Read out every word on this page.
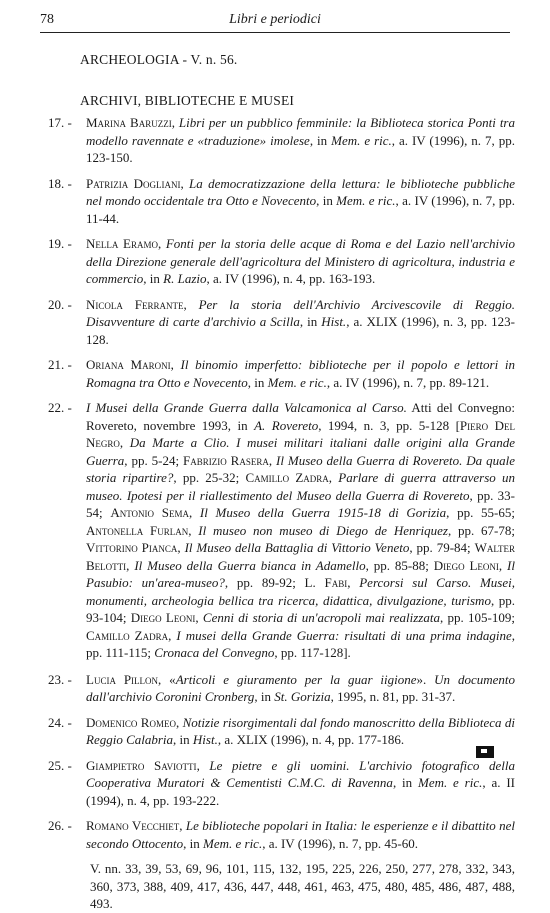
78	Libri e periodici
ARCHEOLOGIA - V. n. 56.
ARCHIVI, BIBLIOTECHE E MUSEI
17. - Marina Baruzzi, Libri per un pubblico femminile: la Biblioteca storica Ponti tra modello ravennate e «traduzione» imolese, in Mem. e ric., a. IV (1996), n. 7, pp. 123-150.
18. - Patrizia Dogliani, La democratizzazione della lettura: le biblioteche pubbliche nel mondo occidentale tra Otto e Novecento, in Mem. e ric., a. IV (1996), n. 7, pp. 11-44.
19. - Nella Eramo, Fonti per la storia delle acque di Roma e del Lazio nell'archivio della Direzione generale dell'agricoltura del Ministero di agricoltura, industria e commercio, in R. Lazio, a. IV (1996), n. 4, pp. 163-193.
20. - Nicola Ferrante, Per la storia dell'Archivio Arcivescovile di Reggio. Disavventure di carte d'archivio a Scilla, in Hist., a. XLIX (1996), n. 3, pp. 123-128.
21. - Oriana Maroni, Il binomio imperfetto: biblioteche per il popolo e lettori in Romagna tra Otto e Novecento, in Mem. e ric., a. IV (1996), n. 7, pp. 89-121.
22. - I Musei della Grande Guerra dalla Valcamonica al Carso. Atti del Convegno: Rovereto, novembre 1993, in A. Rovereto, 1994, n. 3, pp. 5-128 [Piero Del Negro, Da Marte a Clio. I musei militari italiani dalle origini alla Grande Guerra, pp. 5-24; Fabrizio Rasera, Il Museo della Guerra di Rovereto. Da quale storia ripartire?, pp. 25-32; Camillo Zadra, Parlare di guerra attraverso un museo. Ipotesi per il riallestimento del Museo della Guerra di Rovereto, pp. 33-54; Antonio Sema, Il Museo della Guerra 1915-18 di Gorizia, pp. 55-65; Antonella Furlan, Il museo non museo di Diego de Henriquez, pp. 67-78; Vittorino Pianca, Il Museo della Battaglia di Vittorio Veneto, pp. 79-84; Walter Belotti, Il Museo della Guerra bianca in Adamello, pp. 85-88; Diego Leoni, Il Pasubio: un'area-museo?, pp. 89-92; L. Fabi, Percorsi sul Carso. Musei, monumenti, archeologia bellica tra ricerca, didattica, divulgazione, turismo, pp. 93-104; Diego Leoni, Cenni di storia di un'acropoli mai realizzata, pp. 105-109; Camillo Zadra, I musei della Grande Guerra: risultati di una prima indagine, pp. 111-115; Cronaca del Convegno, pp. 117-128].
23. - Lucia Pillon, «Articoli e giuramento per la guar iigione». Un documento dall'archivio Coronini Cronberg, in St. Gorizia, 1995, n. 81, pp. 31-37.
24. - Domenico Romeo, Notizie risorgimentali dal fondo manoscritto della Biblioteca di Reggio Calabria, in Hist., a. XLIX (1996), n. 4, pp. 177-186.
25. - Giampietro Saviotti, Le pietre e gli uomini. L'archivio fotografico della Cooperativa Muratori & Cementisti C.M.C. di Ravenna, in Mem. e ric., a. II (1994), n. 4, pp. 193-222.
26. - Romano Vecchiet, Le biblioteche popolari in Italia: le esperienze e il dibattito nel secondo Ottocento, in Mem. e ric., a. IV (1996), n. 7, pp. 45-60.
V. nn. 33, 39, 53, 69, 96, 101, 115, 132, 195, 225, 226, 250, 277, 278, 332, 343, 360, 373, 388, 409, 417, 436, 447, 448, 461, 463, 475, 480, 485, 486, 487, 488, 493.
